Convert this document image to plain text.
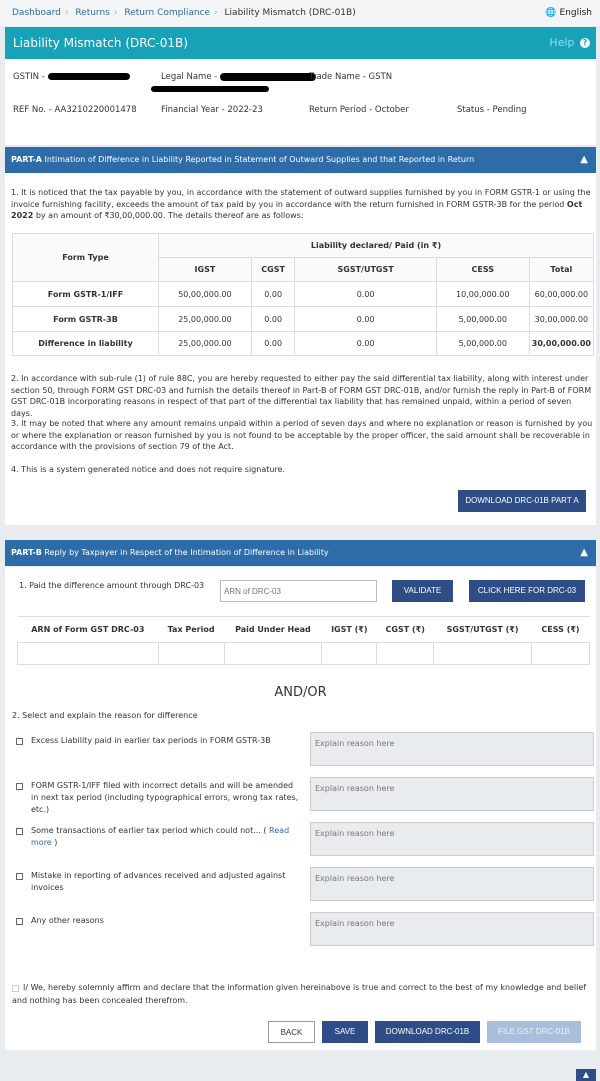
Dashboard › Returns › Return Compliance › Liability Mismatch (DRC-01B)	🌐 English
Liability Mismatch (DRC-01B)	Help ?
GSTIN -	Legal Name -	Trade Name - GSTN
REF No. - AA3210220001478	Financial Year - 2022-23	Return Period - October	Status - Pending
PART-A Intimation of Difference in Liability Reported in Statement of Outward Supplies and that Reported in Return	▲
1. It is noticed that the tax payable by you, in accordance with the statement of outward supplies furnished by you in FORM GSTR-1 or using the invoice furnishing facility, exceeds the amount of tax paid by you in accordance with the return furnished in FORM GSTR-3B for the period Oct 2022 by an amount of ₹30,00,000.00. The details thereof are as follows:
Form Type	Liability declared/ Paid (in ₹)				
	IGST	CGST	SGST/UTGST	CESS	Total
Form GSTR-1/IFF	50,00,000.00	0.00	0.00	10,00,000.00	60,00,000.00
Form GSTR-3B	25,00,000.00	0.00	0.00	5,00,000.00	30,00,000.00
Difference in liability	25,00,000.00	0.00	0.00	5,00,000.00	30,00,000.00
2. In accordance with sub-rule (1) of rule 88C, you are hereby requested to either pay the said differential tax liability, along with interest under section 50, through FORM GST DRC-03 and furnish the details thereof in Part-B of FORM GST DRC-01B, and/or furnish the reply in Part-B of FORM GST DRC-01B incorporating reasons in respect of that part of the differential tax liability that has remained unpaid, within a period of seven days.
3. It may be noted that where any amount remains unpaid within a period of seven days and where no explanation or reason is furnished by you or where the explanation or reason furnished by you is not found to be acceptable by the proper officer, the said amount shall be recoverable in accordance with the provisions of section 79 of the Act.
4. This is a system generated notice and does not require signature.
DOWNLOAD DRC-01B PART A
PART-B Reply by Taxpayer in Respect of the Intimation of Difference in Liability	▲
1. Paid the difference amount through DRC-03
ARN of DRC-03
VALIDATE	CLICK HERE FOR DRC-03
ARN of Form GST DRC-03	Tax Period	Paid Under Head	IGST (₹)	CGST (₹)	SGST/UTGST (₹)	CESS (₹)

AND/OR
2. Select and explain the reason for difference
Excess Liability paid in earlier tax periods in FORM GSTR-3B	Explain reason here
FORM GSTR-1/IFF filed with incorrect details and will be amended in next tax period (including typographical errors, wrong tax rates, etc.)
Explain reason here
Some transactions of earlier tax period which could not... ( Read more )
Explain reason here
Mistake in reporting of advances received and adjusted against invoices
Explain reason here
Any other reasons	Explain reason here
I/ We, hereby solemnly affirm and declare that the information given hereinabove is true and correct to the best of my knowledge and belief and nothing has been concealed therefrom.
BACK	SAVE	DOWNLOAD DRC-01B	FILE GST DRC-01B
▲
